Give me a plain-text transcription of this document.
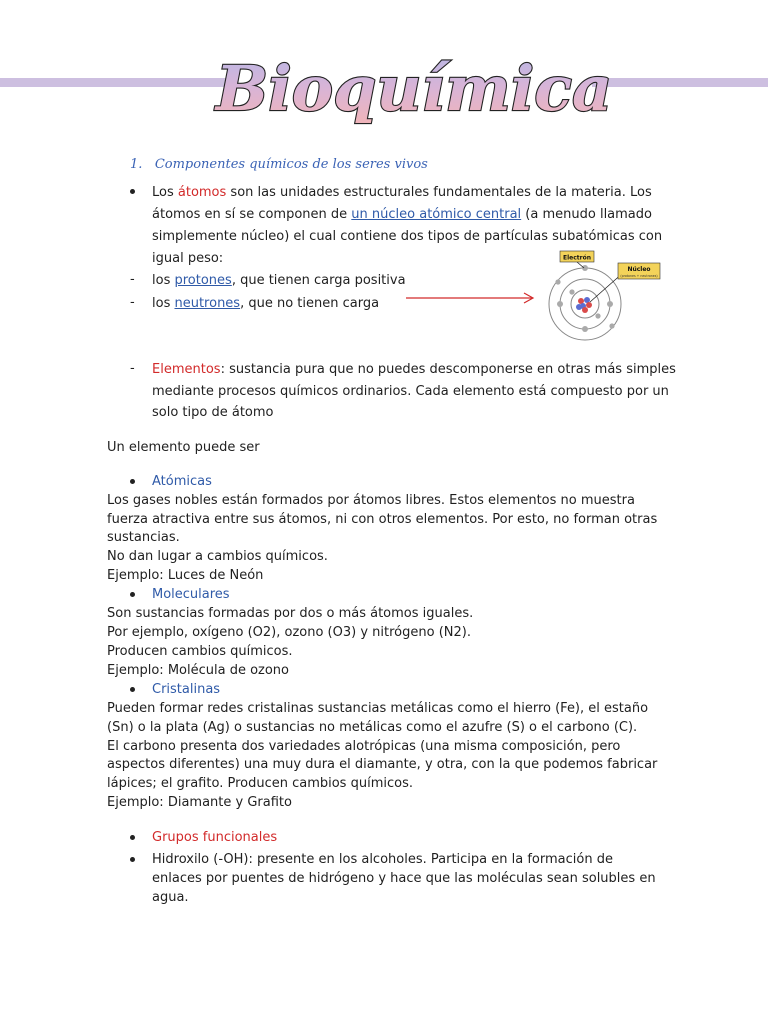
Bioquímica
1. Componentes químicos de los seres vivos
Los átomos son las unidades estructurales fundamentales de la materia. Los
átomos en sí se componen de un núcleo atómico central (a menudo llamado
simplemente núcleo) el cual contiene dos tipos de partículas subatómicas con
igual peso:
- los protones, que tienen carga positiva
- los neutrones, que no tienen carga
Electrón
Núcleo
(protones + neutrones)
- Elementos: sustancia pura que no puedes descomponerse en otras más simples
mediante procesos químicos ordinarios. Cada elemento está compuesto por un
solo tipo de átomo
Un elemento puede ser
Atómicas
Los gases nobles están formados por átomos libres. Estos elementos no muestra
fuerza atractiva entre sus átomos, ni con otros elementos. Por esto, no forman otras
sustancias.
No dan lugar a cambios químicos.
Ejemplo: Luces de Neón
Moleculares
Son sustancias formadas por dos o más átomos iguales.
Por ejemplo, oxígeno (O2), ozono (O3) y nitrógeno (N2).
Producen cambios químicos.
Ejemplo: Molécula de ozono
Cristalinas
Pueden formar redes cristalinas sustancias metálicas como el hierro (Fe), el estaño
(Sn) o la plata (Ag) o sustancias no metálicas como el azufre (S) o el carbono (C).
El carbono presenta dos variedades alotrópicas (una misma composición, pero
aspectos diferentes) una muy dura el diamante, y otra, con la que podemos fabricar
lápices; el grafito. Producen cambios químicos.
Ejemplo: Diamante y Grafito
Grupos funcionales
Hidroxilo (-OH): presente en los alcoholes. Participa en la formación de
enlaces por puentes de hidrógeno y hace que las moléculas sean solubles en
agua.
